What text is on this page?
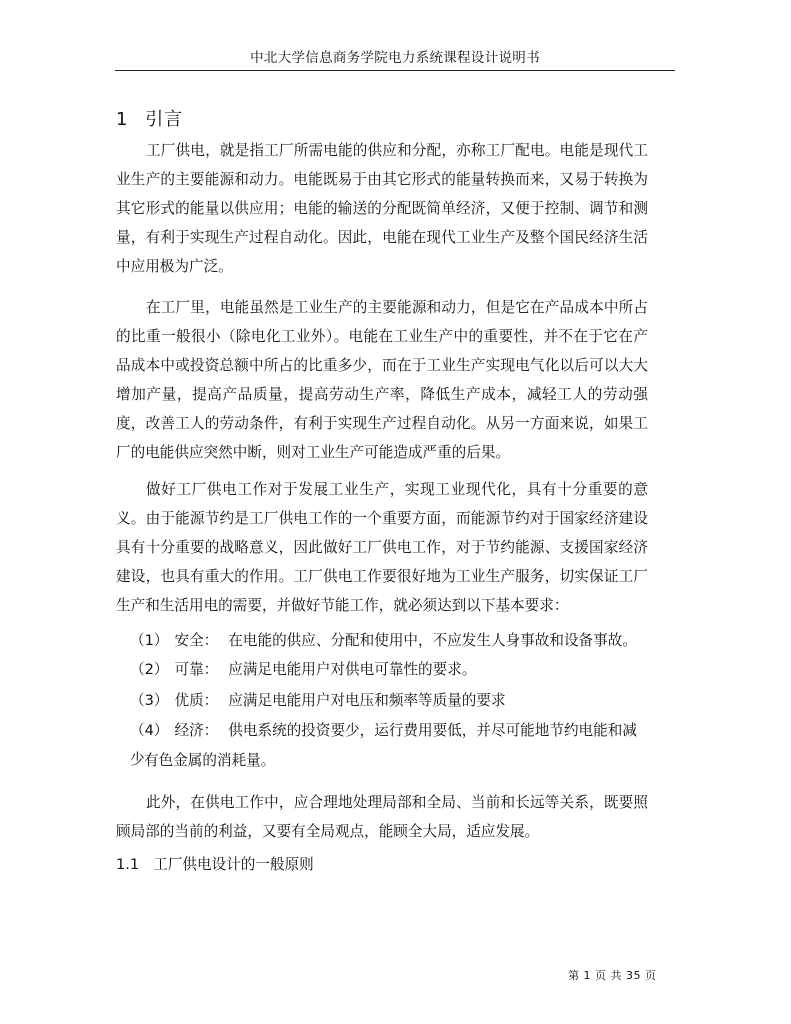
中北大学信息商务学院电力系统课程设计说明书
1 引言

工厂供电，就是指工厂所需电能的供应和分配，亦称工厂配电。电能是现代工业生产的主要能源和动力。电能既易于由其它形式的能量转换而来，又易于转换为其它形式的能量以供应用；电能的输送的分配既简单经济，又便于控制、调节和测量，有利于实现生产过程自动化。因此，电能在现代工业生产及整个国民经济生活中应用极为广泛。

在工厂里，电能虽然是工业生产的主要能源和动力，但是它在产品成本中所占的比重一般很小（除电化工业外）。电能在工业生产中的重要性，并不在于它在产品成本中或投资总额中所占的比重多少，而在于工业生产实现电气化以后可以大大增加产量，提高产品质量，提高劳动生产率，降低生产成本，减轻工人的劳动强度，改善工人的劳动条件，有利于实现生产过程自动化。从另一方面来说，如果工厂的电能供应突然中断，则对工业生产可能造成严重的后果。

做好工厂供电工作对于发展工业生产，实现工业现代化，具有十分重要的意义。由于能源节约是工厂供电工作的一个重要方面，而能源节约对于国家经济建设具有十分重要的战略意义，因此做好工厂供电工作，对于节约能源、支援国家经济建设，也具有重大的作用。工厂供电工作要很好地为工业生产服务，切实保证工厂生产和生活用电的需要，并做好节能工作，就必须达到以下基本要求：

（1） 安全： 在电能的供应、分配和使用中，不应发生人身事故和设备事故。
（2） 可靠： 应满足电能用户对供电可靠性的要求。
（3） 优质： 应满足电能用户对电压和频率等质量的要求
（4） 经济： 供电系统的投资要少，运行费用要低，并尽可能地节约电能和减少 有色金属的消耗量。

此外，在供电工作中，应合理地处理局部和全局、当前和长远等关系，既要照顾局部的当前的利益，又要有全局观点，能顾全大局，适应发展。

1.1 工厂供电设计的一般原则
第 1 页 共 35 页
